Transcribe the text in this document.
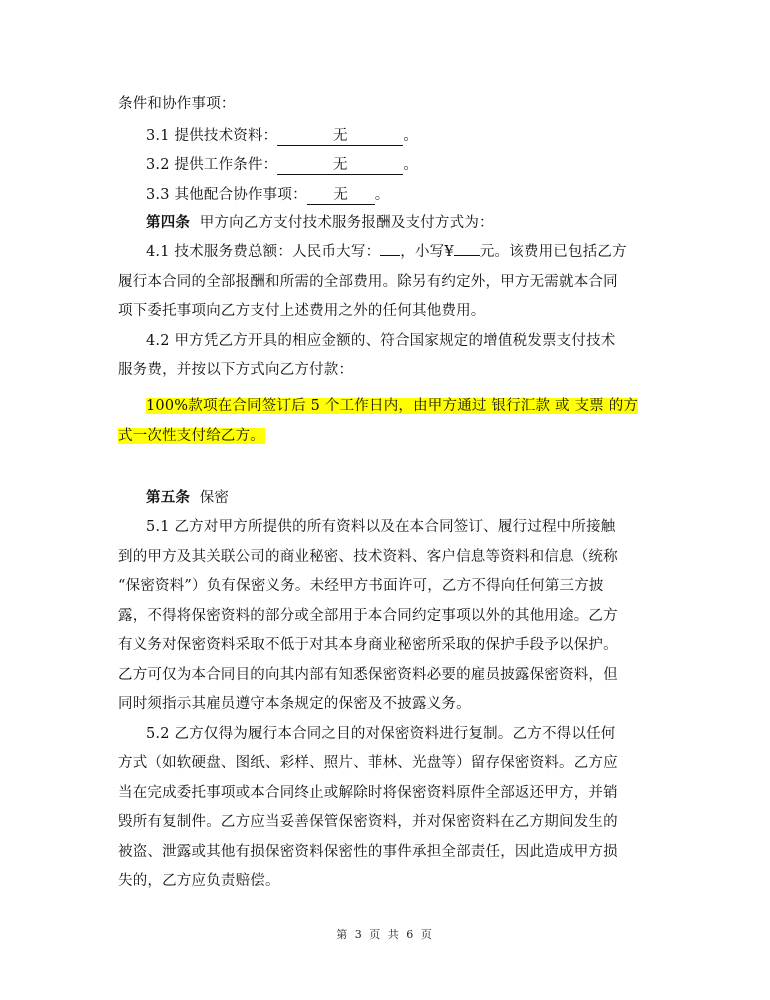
条件和协作事项：
3.1 提供技术资料：	无	。
3.2 提供工作条件：	无	。
3.3 其他配合协作事项： 无 。
第四条 甲方向乙方支付技术服务报酬及支付方式为：
4.1 技术服务费总额：人民币大写： ，小写¥ 元。该费用已包括乙方
履行本合同的全部报酬和所需的全部费用。除另有约定外，甲方无需就本合同
项下委托事项向乙方支付上述费用之外的任何其他费用。
4.2 甲方凭乙方开具的相应金额的、符合国家规定的增值税发票支付技术
服务费，并按以下方式向乙方付款：
100%款项在合同签订后 5 个工作日内，由甲方通过 银行汇款 或 支票 的方
式一次性支付给乙方。
第五条 保密
5.1 乙方对甲方所提供的所有资料以及在本合同签订、履行过程中所接触
到的甲方及其关联公司的商业秘密、技术资料、客户信息等资料和信息（统称
“保密资料”）负有保密义务。未经甲方书面许可，乙方不得向任何第三方披
露，不得将保密资料的部分或全部用于本合同约定事项以外的其他用途。乙方
有义务对保密资料采取不低于对其本身商业秘密所采取的保护手段予以保护。
乙方可仅为本合同目的向其内部有知悉保密资料必要的雇员披露保密资料，但
同时须指示其雇员遵守本条规定的保密及不披露义务。
5.2 乙方仅得为履行本合同之目的对保密资料进行复制。乙方不得以任何
方式（如软硬盘、图纸、彩样、照片、菲林、光盘等）留存保密资料。乙方应
当在完成委托事项或本合同终止或解除时将保密资料原件全部返还甲方，并销
毁所有复制件。乙方应当妥善保管保密资料，并对保密资料在乙方期间发生的
被盗、泄露或其他有损保密资料保密性的事件承担全部责任，因此造成甲方损
失的，乙方应负责赔偿。
第 3 页 共 6 页
